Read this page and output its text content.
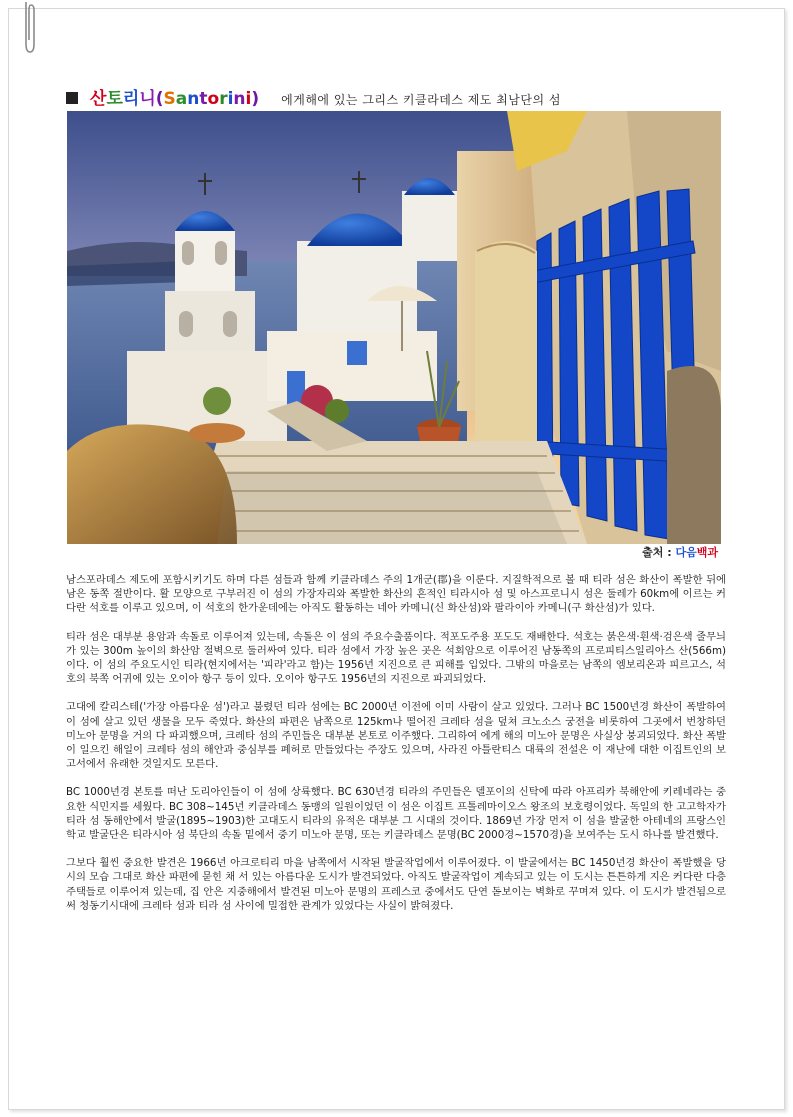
산토리니(Santorini) 에게해에 있는 그리스 키클라데스 제도 최남단의 섬
출처 : 다음백과

남스포라데스 제도에 포함시키기도 하며 다른 섬들과 함께 키클라데스 주의 1개군(郡)을 이룬다. 지질학적으로 볼 때 티라 섬은 화산이 폭발한 뒤에 남은 동쪽 절반이다. 활 모양으로 구부러진 이 섬의 가장자리와 폭발한 화산의 흔적인 티라시아 섬 및 아스프로니시 섬은 둘레가 60km에 이르는 커다란 석호를 이루고 있으며, 이 석호의 한가운데에는 아직도 활동하는 네아 카메니(신 화산섬)와 팔라이아 카메니(구 화산섬)가 있다.

티라 섬은 대부분 용암과 속돌로 이루어져 있는데, 속돌은 이 섬의 주요수출품이다. 적포도주용 포도도 재배한다. 석호는 붉은색·흰색·검은색 줄무늬가 있는 300m 높이의 화산암 절벽으로 둘러싸여 있다. 티라 섬에서 가장 높은 곳은 석회암으로 이루어진 남동쪽의 프로피티스일리아스 산(566m)이다. 이 섬의 주요도시인 티라(현지에서는 '피라'라고 함)는 1956년 지진으로 큰 피해를 입었다. 그밖의 마을로는 남쪽의 엠보리온과 피르고스, 석호의 북쪽 어귀에 있는 오이아 항구 등이 있다. 오이아 항구도 1956년의 지진으로 파괴되었다.

고대에 칼리스테('가장 아름다운 섬')라고 불렸던 티라 섬에는 BC 2000년 이전에 이미 사람이 살고 있었다. 그러나 BC 1500년경 화산이 폭발하여 이 섬에 살고 있던 생물을 모두 죽였다. 화산의 파편은 남쪽으로 125km나 떨어진 크레타 섬을 덮쳐 크노소스 궁전을 비롯하여 그곳에서 번창하던 미노아 문명을 거의 다 파괴했으며, 크레타 섬의 주민들은 대부분 본토로 이주했다. 그리하여 에게 해의 미노아 문명은 사실상 붕괴되었다. 화산 폭발이 일으킨 해일이 크레타 섬의 해안과 중심부를 폐허로 만들었다는 주장도 있으며, 사라진 아틀란티스 대륙의 전설은 이 재난에 대한 이집트인의 보고서에서 유래한 것일지도 모른다.

BC 1000년경 본토를 떠난 도리아인들이 이 섬에 상륙했다. BC 630년경 티라의 주민들은 델포이의 신탁에 따라 아프리카 북해안에 키레네라는 중요한 식민지를 세웠다. BC 308~145년 키클라데스 동맹의 일원이었던 이 섬은 이집트 프톨레마이오스 왕조의 보호령이었다. 독일의 한 고고학자가 티라 섬 동해안에서 발굴(1895~1903)한 고대도시 티라의 유적은 대부분 그 시대의 것이다. 1869년 가장 먼저 이 섬을 발굴한 아테네의 프랑스인 학교 발굴단은 티라시아 섬 북단의 속돌 밑에서 중기 미노아 문명, 또는 키클라데스 문명(BC 2000경~1570경)을 보여주는 도시 하나를 발견했다.

그보다 훨씬 중요한 발견은 1966년 아크로티리 마을 남쪽에서 시작된 발굴작업에서 이루어졌다. 이 발굴에서는 BC 1450년경 화산이 폭발했을 당시의 모습 그대로 화산 파편에 묻힌 채 서 있는 아름다운 도시가 발견되었다. 아직도 발굴작업이 계속되고 있는 이 도시는 튼튼하게 지은 커다란 다층 주택들로 이루어져 있는데, 집 안은 지중해에서 발견된 미노아 문명의 프레스코 중에서도 단연 돋보이는 벽화로 꾸며져 있다. 이 도시가 발견됨으로써 청동기시대에 크레타 섬과 티라 섬 사이에 밀접한 관계가 있었다는 사실이 밝혀졌다.
